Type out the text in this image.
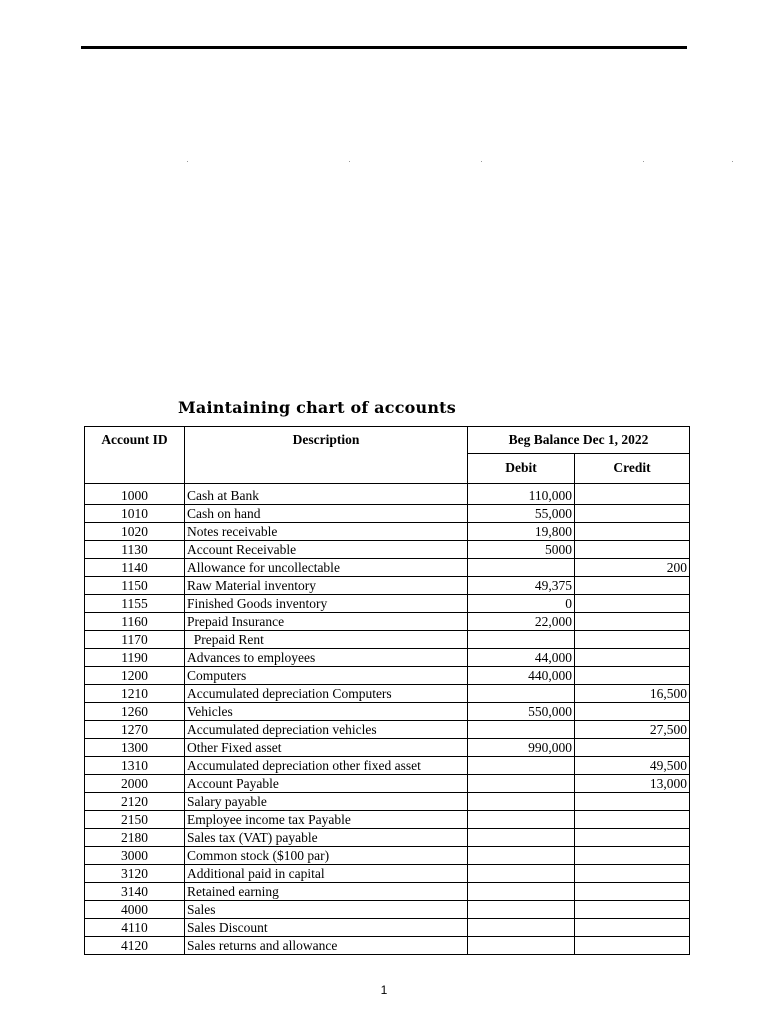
Maintaining chart of accounts
Account ID	Description	Beg Balance Dec 1, 2022	
		Debit	Credit
1000	Cash at Bank	110,000	
1010	Cash on hand	55,000	
1020	Notes receivable	19,800	
1130	Account Receivable	5000	
1140	Allowance for uncollectable		200
1150	Raw Material inventory	49,375	
1155	Finished Goods inventory	0	
1160	Prepaid Insurance	22,000	
1170	Prepaid Rent		
1190	Advances to employees	44,000	
1200	Computers	440,000	
1210	Accumulated depreciation Computers		16,500
1260	Vehicles	550,000	
1270	Accumulated depreciation vehicles		27,500
1300	Other Fixed asset	990,000	
1310	Accumulated depreciation other fixed asset		49,500
2000	Account Payable		13,000
2120	Salary payable		
2150	Employee income tax Payable		
2180	Sales tax (VAT) payable		
3000	Common stock ($100 par)		
3120	Additional paid in capital		
3140	Retained earning		
4000	Sales		
4110	Sales Discount		
4120	Sales returns and allowance		
1
